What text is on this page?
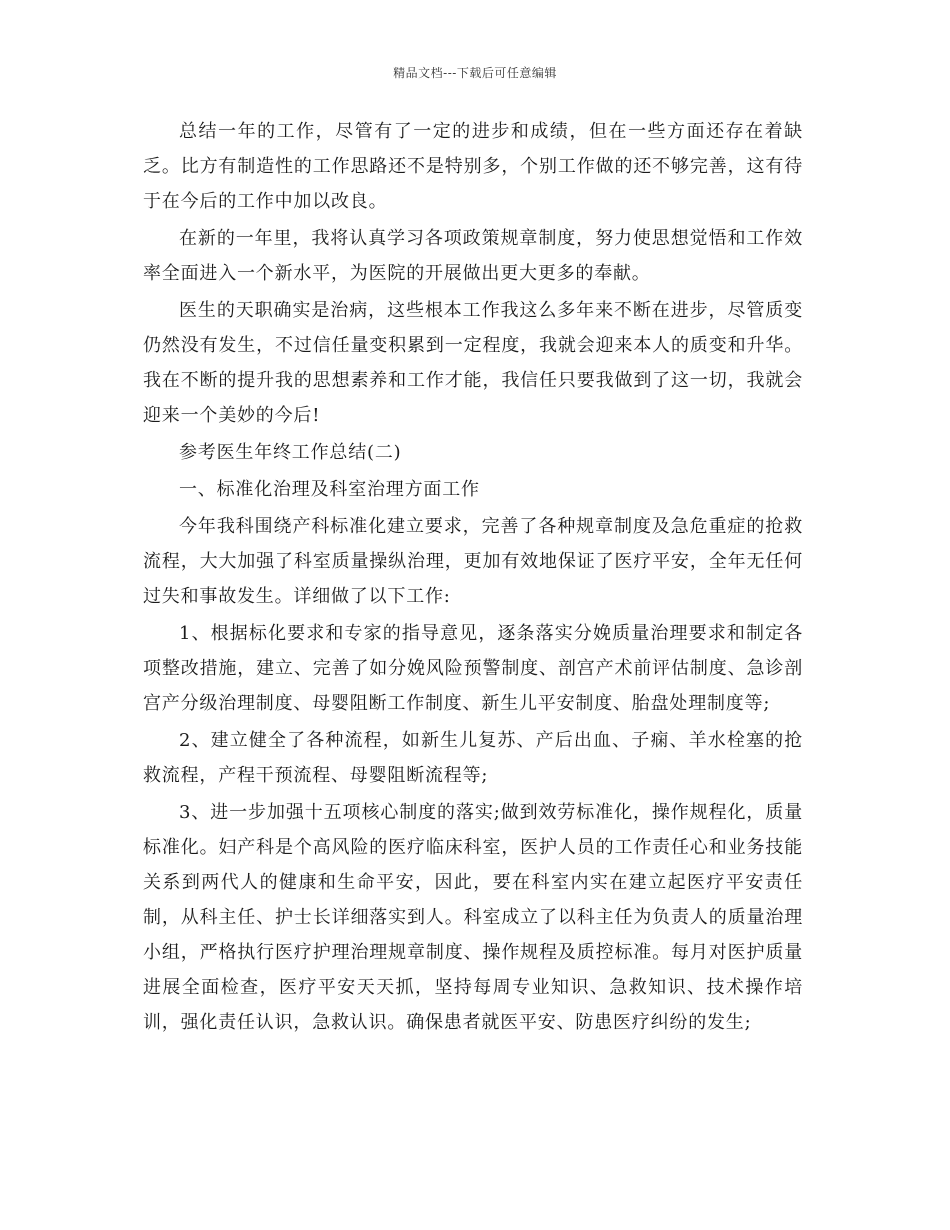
精品文档---下载后可任意编辑

总结一年的工作，尽管有了一定的进步和成绩，但在一些方面还存在着缺乏。比方有制造性的工作思路还不是特别多，个别工作做的还不够完善，这有待于在今后的工作中加以改良。

在新的一年里，我将认真学习各项政策规章制度，努力使思想觉悟和工作效率全面进入一个新水平，为医院的开展做出更大更多的奉献。

医生的天职确实是治病，这些根本工作我这么多年来不断在进步，尽管质变仍然没有发生，不过信任量变积累到一定程度，我就会迎来本人的质变和升华。我在不断的提升我的思想素养和工作才能，我信任只要我做到了这一切，我就会迎来一个美妙的今后!

参考医生年终工作总结(二)

一、标准化治理及科室治理方面工作

今年我科围绕产科标准化建立要求，完善了各种规章制度及急危重症的抢救流程，大大加强了科室质量操纵治理，更加有效地保证了医疗平安，全年无任何过失和事故发生。详细做了以下工作:

1、根据标化要求和专家的指导意见，逐条落实分娩质量治理要求和制定各项整改措施，建立、完善了如分娩风险预警制度、剖宫产术前评估制度、急诊剖宫产分级治理制度、母婴阻断工作制度、新生儿平安制度、胎盘处理制度等;

2、建立健全了各种流程，如新生儿复苏、产后出血、子痫、羊水栓塞的抢救流程，产程干预流程、母婴阻断流程等;

3、进一步加强十五项核心制度的落实;做到效劳标准化，操作规程化，质量标准化。妇产科是个高风险的医疗临床科室，医护人员的工作责任心和业务技能关系到两代人的健康和生命平安，因此，要在科室内实在建立起医疗平安责任制，从科主任、护士长详细落实到人。科室成立了以科主任为负责人的质量治理小组，严格执行医疗护理治理规章制度、操作规程及质控标准。每月对医护质量进展全面检查，医疗平安天天抓，坚持每周专业知识、急救知识、技术操作培训，强化责任认识，急救认识。确保患者就医平安、防患医疗纠纷的发生;
